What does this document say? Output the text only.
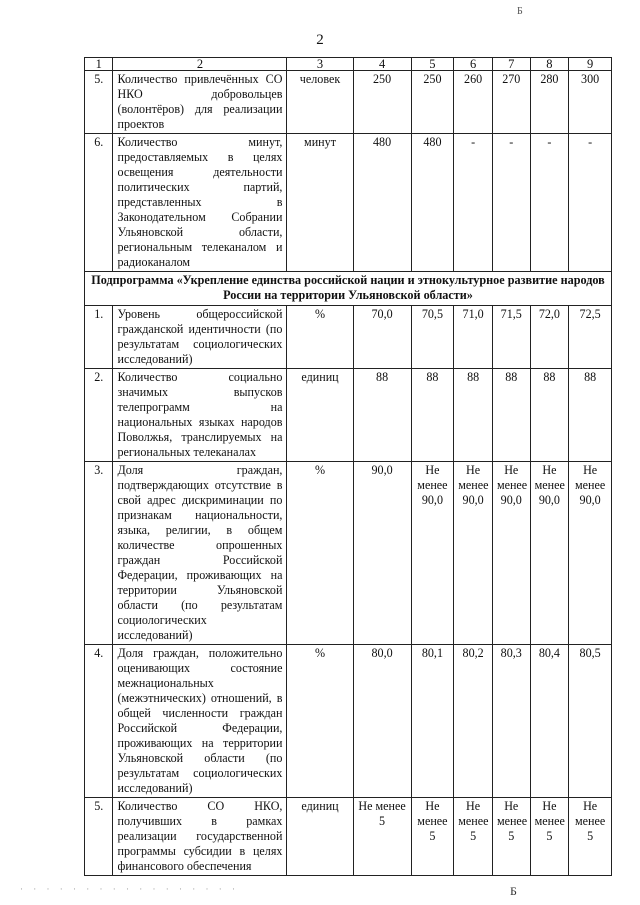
2
Б
· · · · · · · · · · · · · · · · ·	Б
1	2	3	4	5	6	7	8	9
5.	Количество привлечённых СО НКО добровольцев (волонтёров) для реализации проектов	человек	250	250	260	270	280	300
6.	Количество минут, предоставляемых в целях освещения деятельности политических партий, представленных в Законодательном Собрании Ульяновской области, региональным телеканалом и радиоканалом	минут	480	480	-	-	-	-
Подпрограмма «Укрепление единства российской нации и этнокультурное развитие народов России на территории Ульяновской области»								
1.	Уровень общероссийской гражданской идентичности (по результатам социологических исследований)	%	70,0	70,5	71,0	71,5	72,0	72,5
2.	Количество социально значимых выпусков телепрограмм на национальных языках народов Поволжья, транслируемых на региональных телеканалах	единиц	88	88	88	88	88	88
3.	Доля граждан, подтверждающих отсутствие в свой адрес дискриминации по признакам национальности, языка, религии, в общем количестве опрошенных граждан Российской Федерации, проживающих на территории Ульяновской области (по результатам социологических исследований)	%	90,0	Не менее 90,0	Не менее 90,0	Не менее 90,0	Не менее 90,0	Не менее 90,0
4.	Доля граждан, положительно оценивающих состояние межнациональных (межэтнических) отношений, в общей численности граждан Российской Федерации, проживающих на территории Ульяновской области (по результатам социологических исследований)	%	80,0	80,1	80,2	80,3	80,4	80,5
5.	Количество СО НКО, получивших в рамках реализации государственной программы субсидии в целях финансового обеспечения	единиц	Не менее 5	Не менее 5	Не менее 5	Не менее 5	Не менее 5	Не менее 5
